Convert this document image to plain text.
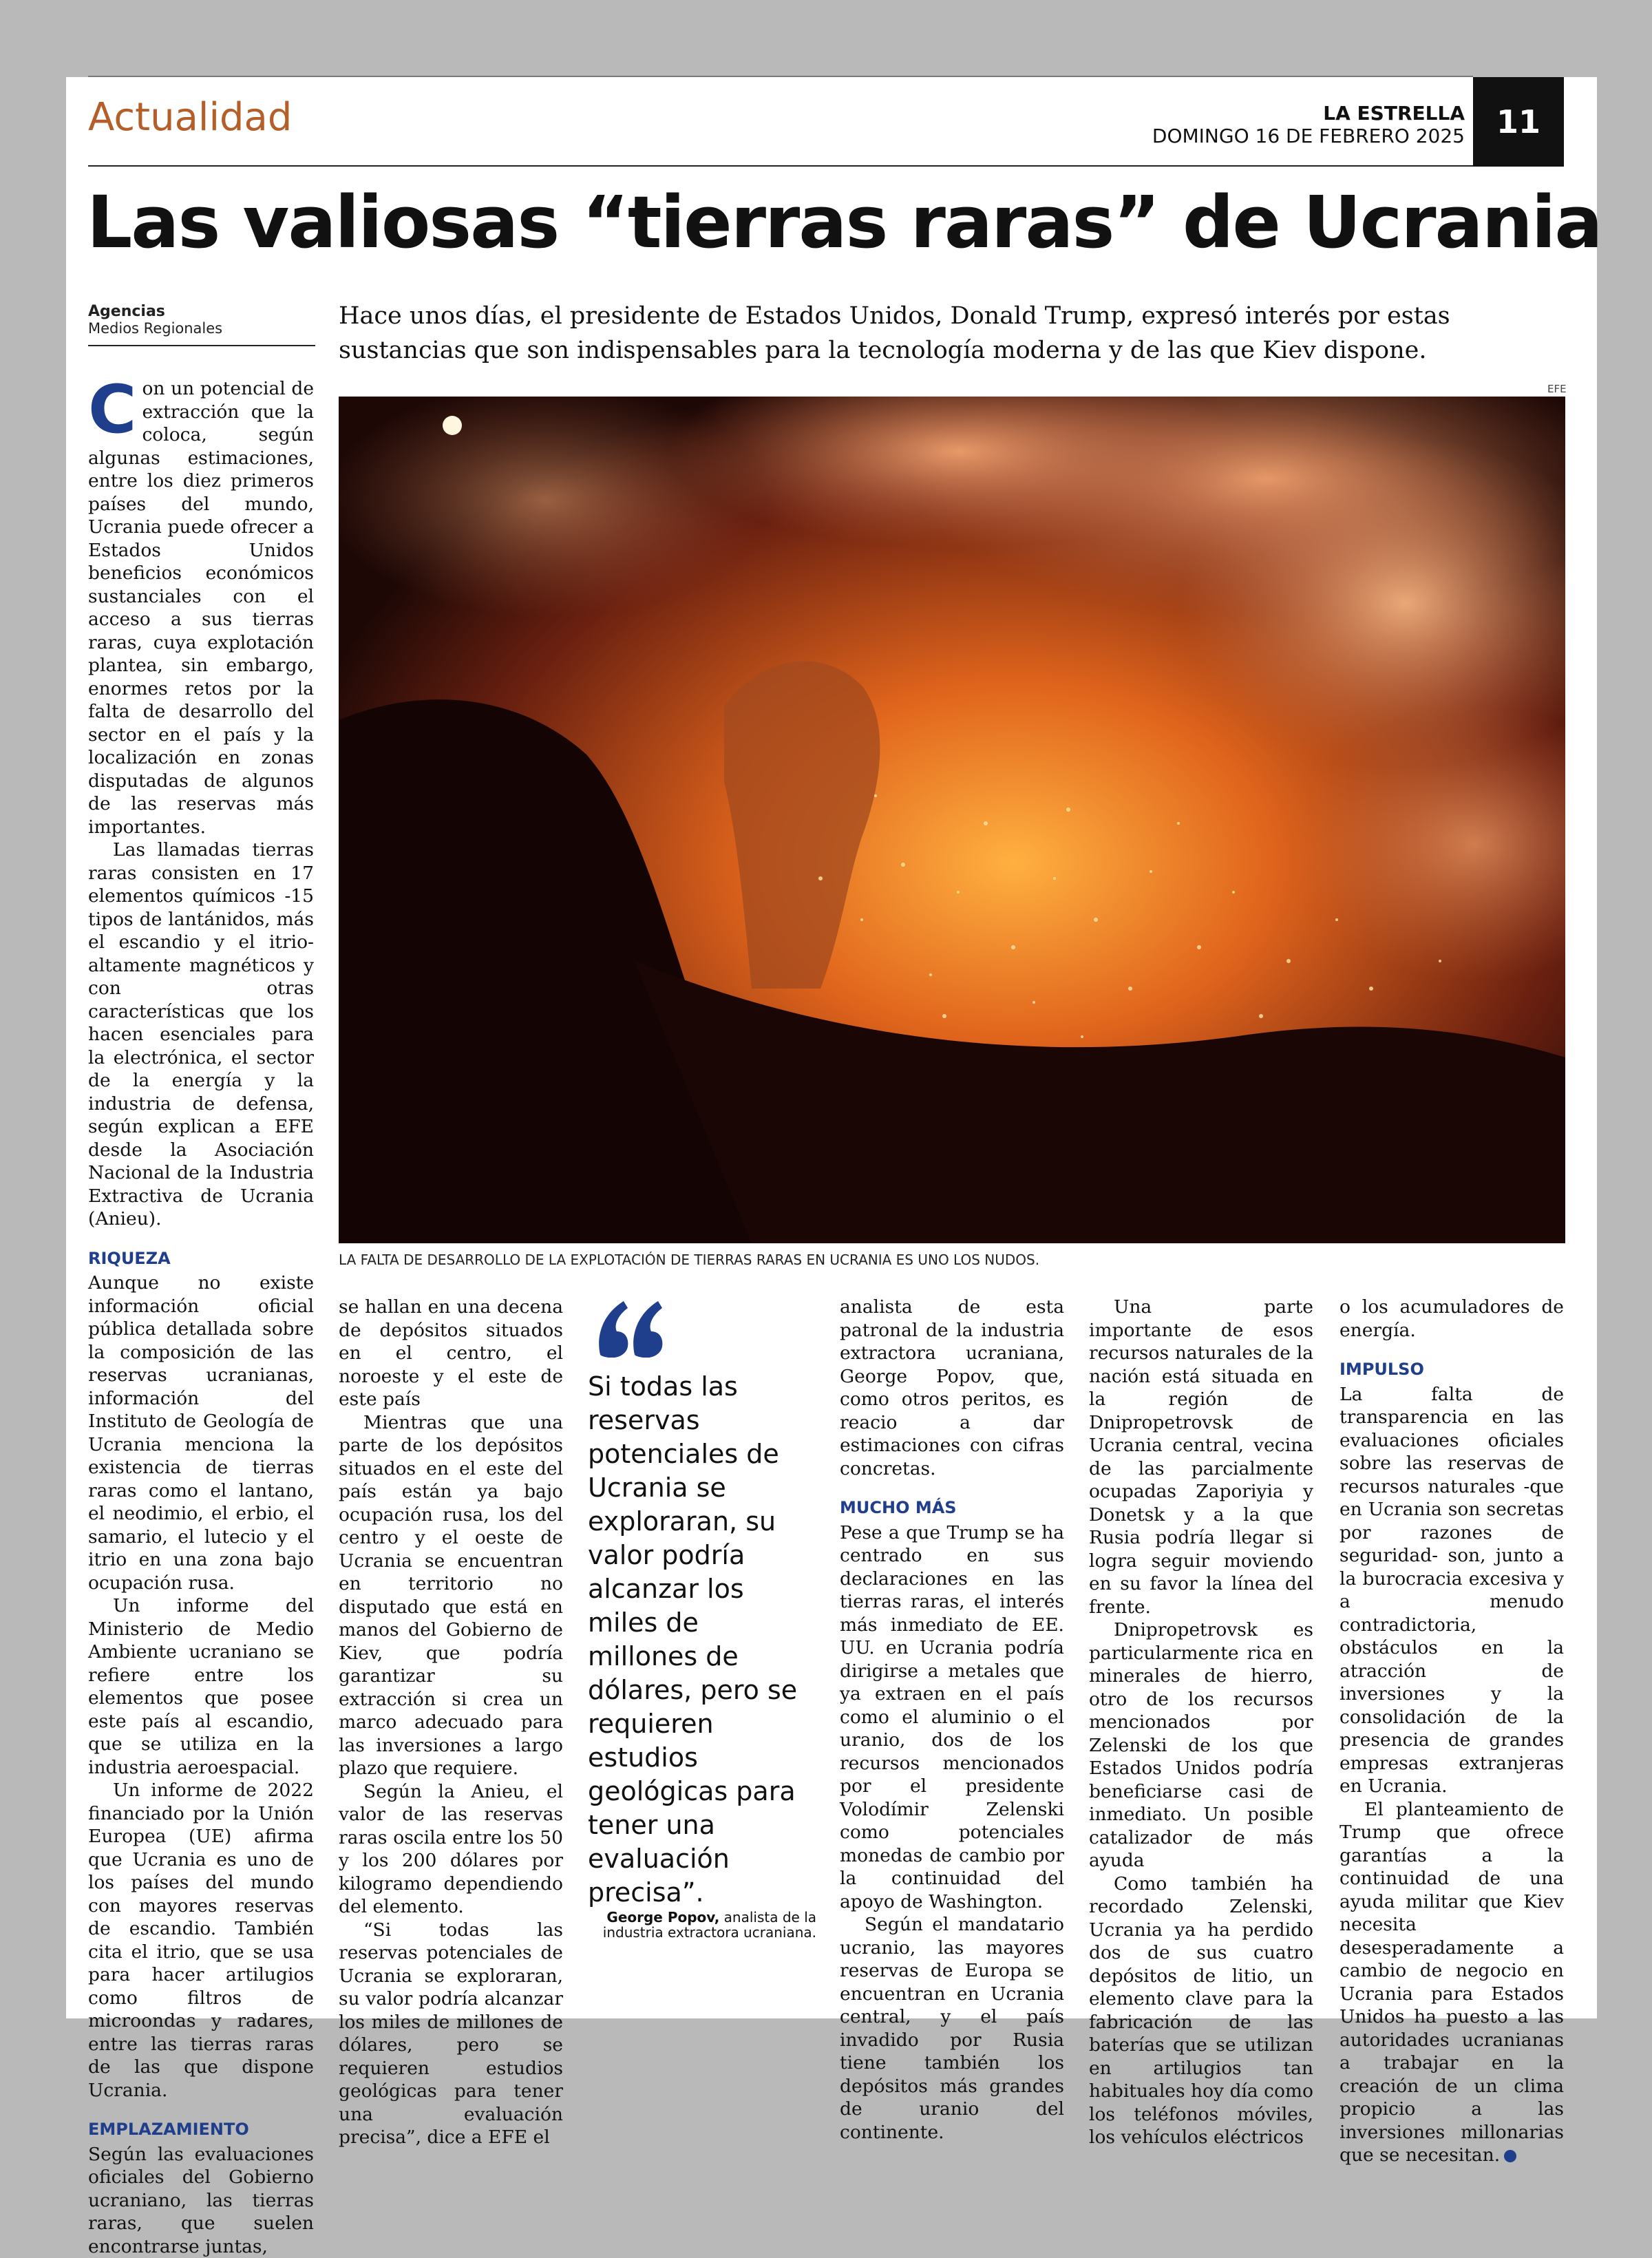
Actualidad	LA ESTRELLA
DOMINGO 16 DE FEBRERO 2025 11
Las valiosas “tierras raras” de Ucrania
Agencias
Medios Regionales	Hace unos días, el presidente de Estados Unidos, Donald Trump, expresó interés por estas sustancias que son indispensables para la tecnología moderna y de las que Kiev dispone.
EFE
LA FALTA DE DESARROLLO DE LA EXPLOTACIÓN DE TIERRAS RARAS EN UCRANIA ES UNO LOS NUDOS.

Con un potencial de extracción que la coloca, según algunas estimaciones, entre los diez primeros países del mundo, Ucrania puede ofrecer a Estados Unidos beneficios económicos sustanciales con el acceso a sus tierras raras, cuya explotación plantea, sin embargo, enormes retos por la falta de desarrollo del sector en el país y la localización en zonas disputadas de algunos de las reservas más importantes.

Las llamadas tierras raras consisten en 17 elementos químicos -15 tipos de lantánidos, más el escandio y el itrio- altamente magnéticos y con otras características que los hacen esenciales para la electrónica, el sector de la energía y la industria de defensa, según explican a EFE desde la Asociación Nacional de la Industria Extractiva de Ucrania (Anieu).

RIQUEZA

Aunque no existe información oficial pública detallada sobre la composición de las reservas ucranianas, información del Instituto de Geología de Ucrania menciona la existencia de tierras raras como el lantano, el neodimio, el erbio, el samario, el lutecio y el itrio en una zona bajo ocupación rusa.

Un informe del Ministerio de Medio Ambiente ucraniano se refiere entre los elementos que posee este país al escandio, que se utiliza en la industria aeroespacial.

Un informe de 2022 financiado por la Unión Europea (UE) afirma que Ucrania es uno de los países del mundo con mayores reservas de escandio. También cita el itrio, que se usa para hacer artilugios como filtros de microondas y radares, entre las tierras raras de las que dispone Ucrania.

EMPLAZAMIENTO

Según las evaluaciones oficiales del Gobierno ucraniano, las tierras raras, que suelen encontrarse juntas,

se hallan en una decena de depósitos situados en el centro, el noroeste y el este de este país

Mientras que una parte de los depósitos situados en el este del país están ya bajo ocupación rusa, los del centro y el oeste de Ucrania se encuentran en territorio no disputado que está en manos del Gobierno de Kiev, que podría garantizar su extracción si crea un marco adecuado para las inversiones a largo plazo que requiere.

Según la Anieu, el valor de las reservas raras oscila entre los 50 y los 200 dólares por kilogramo dependiendo del elemento.

“Si todas las reservas potenciales de Ucrania se exploraran, su valor podría alcanzar los miles de millones de dólares, pero se requieren estudios geológicas para tener una evaluación precisa”, dice a EFE el

Si todas las reservas potenciales de Ucrania se exploraran, su valor podría alcanzar los miles de millones de dólares, pero se requieren estudios geológicas para tener una evaluación precisa”.
George Popov, analista de la industria extractora ucraniana.

analista de esta patronal de la industria extractora ucraniana, George Popov, que, como otros peritos, es reacio a dar estimaciones con cifras concretas.

MUCHO MÁS

Pese a que Trump se ha centrado en sus declaraciones en las tierras raras, el interés más inmediato de EE. UU. en Ucrania podría dirigirse a metales que ya extraen en el país como el aluminio o el uranio, dos de los recursos mencionados por el presidente Volodímir Zelenski como potenciales monedas de cambio por la continuidad del apoyo de Washington.

Según el mandatario ucranio, las mayores reservas de Europa se encuentran en Ucrania central, y el país invadido por Rusia tiene también los depósitos más grandes de uranio del continente.

Una parte importante de esos recursos naturales de la nación está situada en la región de Dnipropetrovsk de Ucrania central, vecina de las parcialmente ocupadas Zaporiyia y Donetsk y a la que Rusia podría llegar si logra seguir moviendo en su favor la línea del frente.

Dnipropetrovsk es particularmente rica en minerales de hierro, otro de los recursos mencionados por Zelenski de los que Estados Unidos podría beneficiarse casi de inmediato. Un posible catalizador de más ayuda

Como también ha recordado Zelenski, Ucrania ya ha perdido dos de sus cuatro depósitos de litio, un elemento clave para la fabricación de las baterías que se utilizan en artilugios tan habituales hoy día como los teléfonos móviles, los vehículos eléctricos

o los acumuladores de energía.

IMPULSO

La falta de transparencia en las evaluaciones oficiales sobre las reservas de recursos naturales -que en Ucrania son secretas por razones de seguridad- son, junto a la burocracia excesiva y a menudo contradictoria, obstáculos en la atracción de inversiones y la consolidación de la presencia de grandes empresas extranjeras en Ucrania.

El planteamiento de Trump que ofrece garantías a la continuidad de una ayuda militar que Kiev necesita desesperadamente a cambio de negocio en Ucrania para Estados Unidos ha puesto a las autoridades ucranianas a trabajar en la creación de un clima propicio a las inversiones millonarias que se necesitan.
